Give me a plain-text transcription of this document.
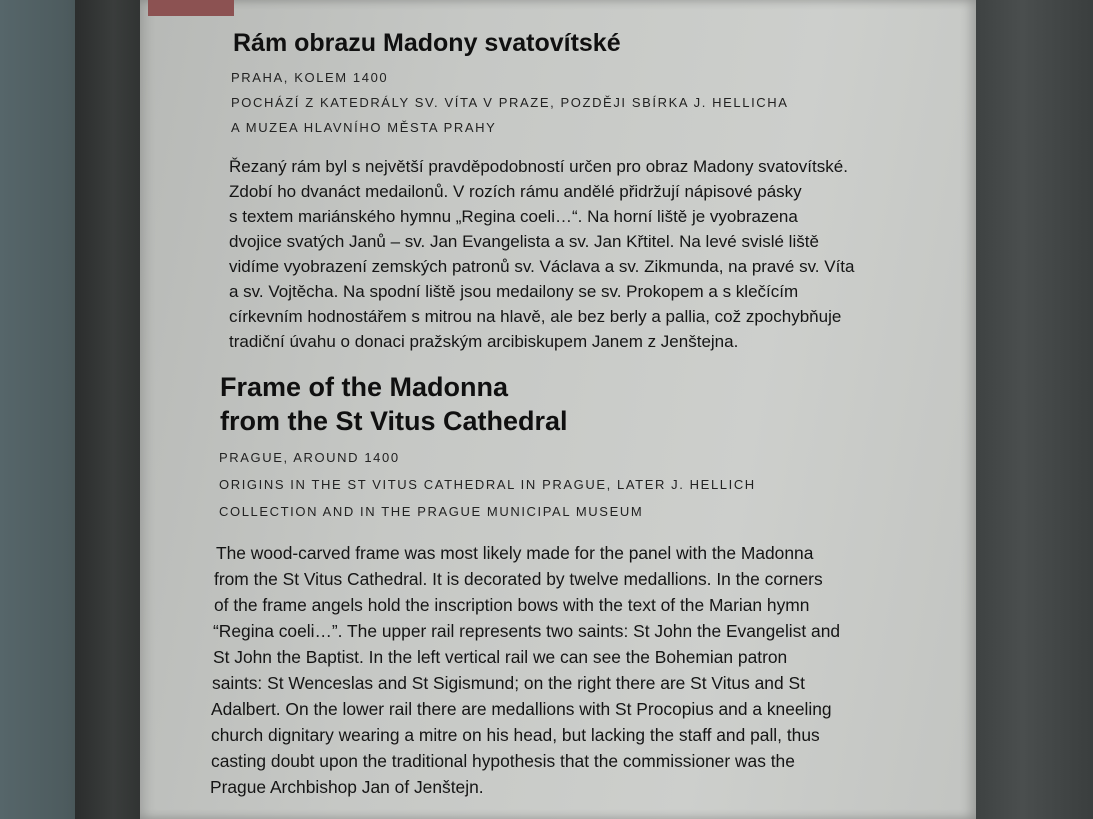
Rám obrazu Madony svatovítské
PRAHA, KOLEM 1400
POCHÁZÍ Z KATEDRÁLY SV. VÍTA V PRAZE, POZDĚJI SBÍRKA J. HELLICHA
A MUZEA HLAVNÍHO MĚSTA PRAHY
Řezaný rám byl s největší pravděpodobností určen pro obraz Madony svatovítské.
Zdobí ho dvanáct medailonů. V rozích rámu andělé přidržují nápisové pásky
s textem mariánského hymnu „Regina coeli…“. Na horní liště je vyobrazena
dvojice svatých Janů – sv. Jan Evangelista a sv. Jan Křtitel. Na levé svislé liště
vidíme vyobrazení zemských patronů sv. Václava a sv. Zikmunda, na pravé sv. Víta
a sv. Vojtěcha. Na spodní liště jsou medailony se sv. Prokopem a s klečícím
církevním hodnostářem s mitrou na hlavě, ale bez berly a pallia, což zpochybňuje
tradiční úvahu o donaci pražským arcibiskupem Janem z Jenštejna.
Frame of the Madonna
from the St Vitus Cathedral
PRAGUE, AROUND 1400
ORIGINS IN THE ST VITUS CATHEDRAL IN PRAGUE, LATER J. HELLICH
COLLECTION AND IN THE PRAGUE MUNICIPAL MUSEUM
The wood-carved frame was most likely made for the panel with the Madonna
from the St Vitus Cathedral. It is decorated by twelve medallions. In the corners
of the frame angels hold the inscription bows with the text of the Marian hymn
“Regina coeli…”. The upper rail represents two saints: St John the Evangelist and
St John the Baptist. In the left vertical rail we can see the Bohemian patron
saints: St Wenceslas and St Sigismund; on the right there are St Vitus and St
Adalbert. On the lower rail there are medallions with St Procopius and a kneeling
church dignitary wearing a mitre on his head, but lacking the staff and pall, thus
casting doubt upon the traditional hypothesis that the commissioner was the
Prague Archbishop Jan of Jenštejn.
